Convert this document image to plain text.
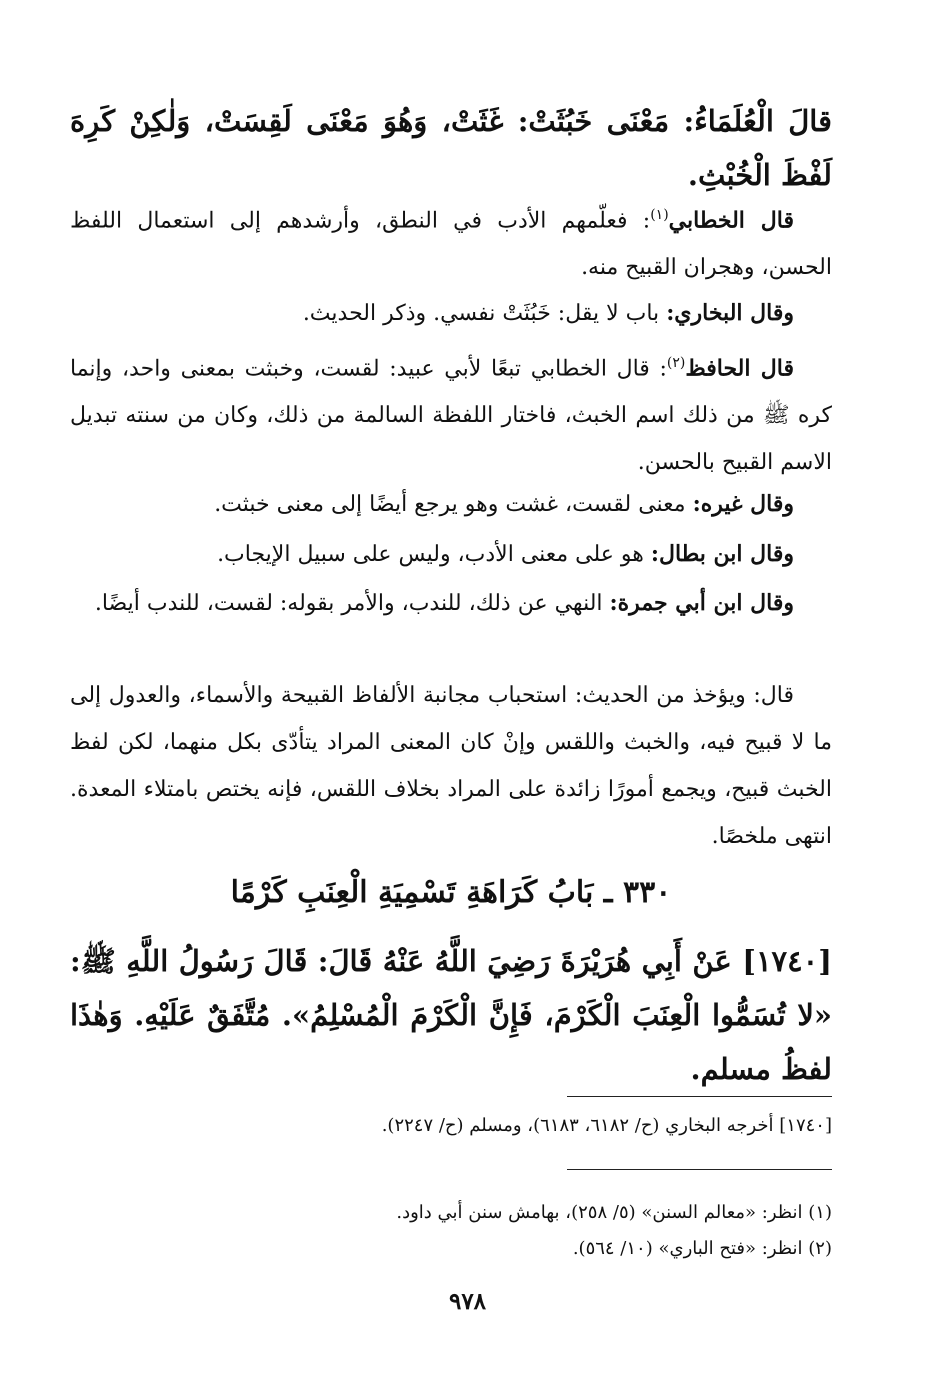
قالَ الْعُلَمَاءُ: مَعْنَى خَبُثَتْ: غَثَتْ، وَهُوَ مَعْنَى لَقِسَتْ، وَلٰكِنْ كَرِهَ لَفْظَ الْخُبْثِ.

قال الخطابي$^{(١)}$: فعلّمهم الأدب في النطق، وأرشدهم إلى استعمال اللفظ الحسن، وهجران القبيح منه.

وقال البخاري: باب لا يقل: خَبُثَتْ نفسي. وذكر الحديث.

قال الحافظ$^{(٢)}$: قال الخطابي تبعًا لأبي عبيد: لقست، وخبثت بمعنى واحد، وإنما كره ﷺ من ذلك اسم الخبث، فاختار اللفظة السالمة من ذلك، وكان من سنته تبديل الاسم القبيح بالحسن.

وقال غيره: معنى لقست، غشت وهو يرجع أيضًا إلى معنى خبثت.

وقال ابن بطال: هو على معنى الأدب، وليس على سبيل الإيجاب.

وقال ابن أبي جمرة: النهي عن ذلك، للندب، والأمر بقوله: لقست، للندب أيضًا.

قال: ويؤخذ من الحديث: استحباب مجانبة الألفاظ القبيحة والأسماء، والعدول إلى ما لا قبيح فيه، والخبث واللقس وإنْ كان المعنى المراد يتأدّى بكل منهما، لكن لفظ الخبث قبيح، ويجمع أمورًا زائدة على المراد بخلاف اللقس، فإنه يختص بامتلاء المعدة. انتهى ملخصًا.

٣٣٠ ـ بَابُ كَرَاهَةِ تَسْمِيَةِ الْعِنَبِ كَرْمًا

[١٧٤٠] عَنْ أَبِي هُرَيْرَةَ رَضِيَ اللَّهُ عَنْهُ قَالَ: قَالَ رَسُولُ اللَّهِ ﷺ: «لا تُسَمُّوا الْعِنَبَ الْكَرْمَ، فَإِنَّ الْكَرْمَ الْمُسْلِمُ». مُتَّفَقٌ عَلَيْهِ. وَهٰذَا لفظُ مسلم.

[١٧٤٠] أخرجه البخاري (ح/ ٦١٨٢، ٦١٨٣)، ومسلم (ح/ ٢٢٤٧).

(١) انظر: «معالم السنن» (٥/ ٢٥٨)، بهامش سنن أبي داود.

(٢) انظر: «فتح الباري» (١٠/ ٥٦٤).

٩٧٨
